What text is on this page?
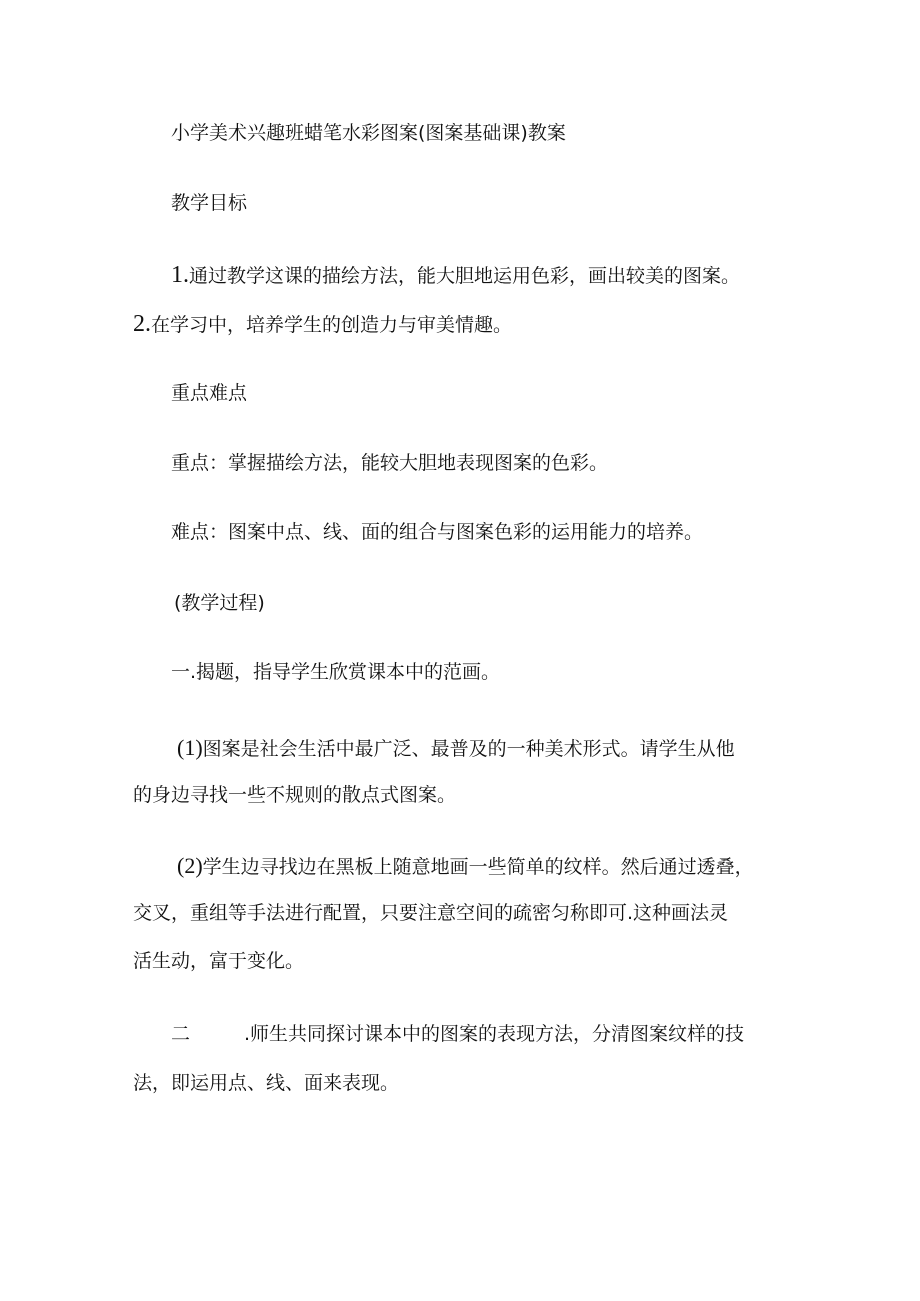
小学美术兴趣班蜡笔水彩图案(图案基础课)教案

教学目标

1.通过教学这课的描绘方法，能大胆地运用色彩，画出较美的图案。

2.在学习中，培养学生的创造力与审美情趣。

重点难点

重点：掌握描绘方法，能较大胆地表现图案的色彩。

难点：图案中点、线、面的组合与图案色彩的运用能力的培养。

(教学过程)

一.揭题，指导学生欣赏课本中的范画。

(1)图案是社会生活中最广泛、最普及的一种美术形式。请学生从他

的身边寻找一些不规则的散点式图案。

(2)学生边寻找边在黑板上随意地画一些简单的纹样。然后通过透叠，

交叉，重组等手法进行配置，只要注意空间的疏密匀称即可.这种画法灵

活生动，富于变化。

二	.师生共同探讨课本中的图案的表现方法，分清图案纹样的技

法，即运用点、线、面来表现。
